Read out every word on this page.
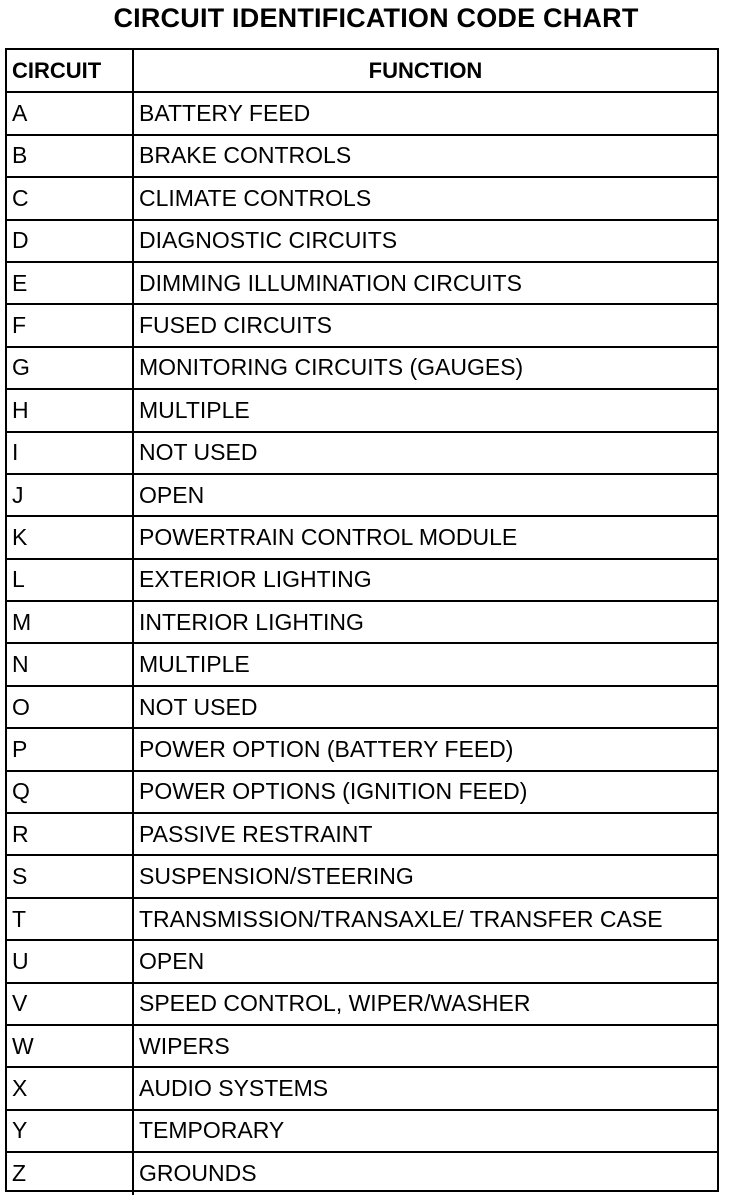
CIRCUIT IDENTIFICATION CODE CHART
CIRCUIT	FUNCTION
A	BATTERY FEED
B	BRAKE CONTROLS
C	CLIMATE CONTROLS
D	DIAGNOSTIC CIRCUITS
E	DIMMING ILLUMINATION CIRCUITS
F	FUSED CIRCUITS
G	MONITORING CIRCUITS (GAUGES)
H	MULTIPLE
I	NOT USED
J	OPEN
K	POWERTRAIN CONTROL MODULE
L	EXTERIOR LIGHTING
M	INTERIOR LIGHTING
N	MULTIPLE
O	NOT USED
P	POWER OPTION (BATTERY FEED)
Q	POWER OPTIONS (IGNITION FEED)
R	PASSIVE RESTRAINT
S	SUSPENSION/STEERING
T	TRANSMISSION/TRANSAXLE/ TRANSFER CASE
U	OPEN
V	SPEED CONTROL, WIPER/WASHER
W	WIPERS
X	AUDIO SYSTEMS
Y	TEMPORARY
Z	GROUNDS
